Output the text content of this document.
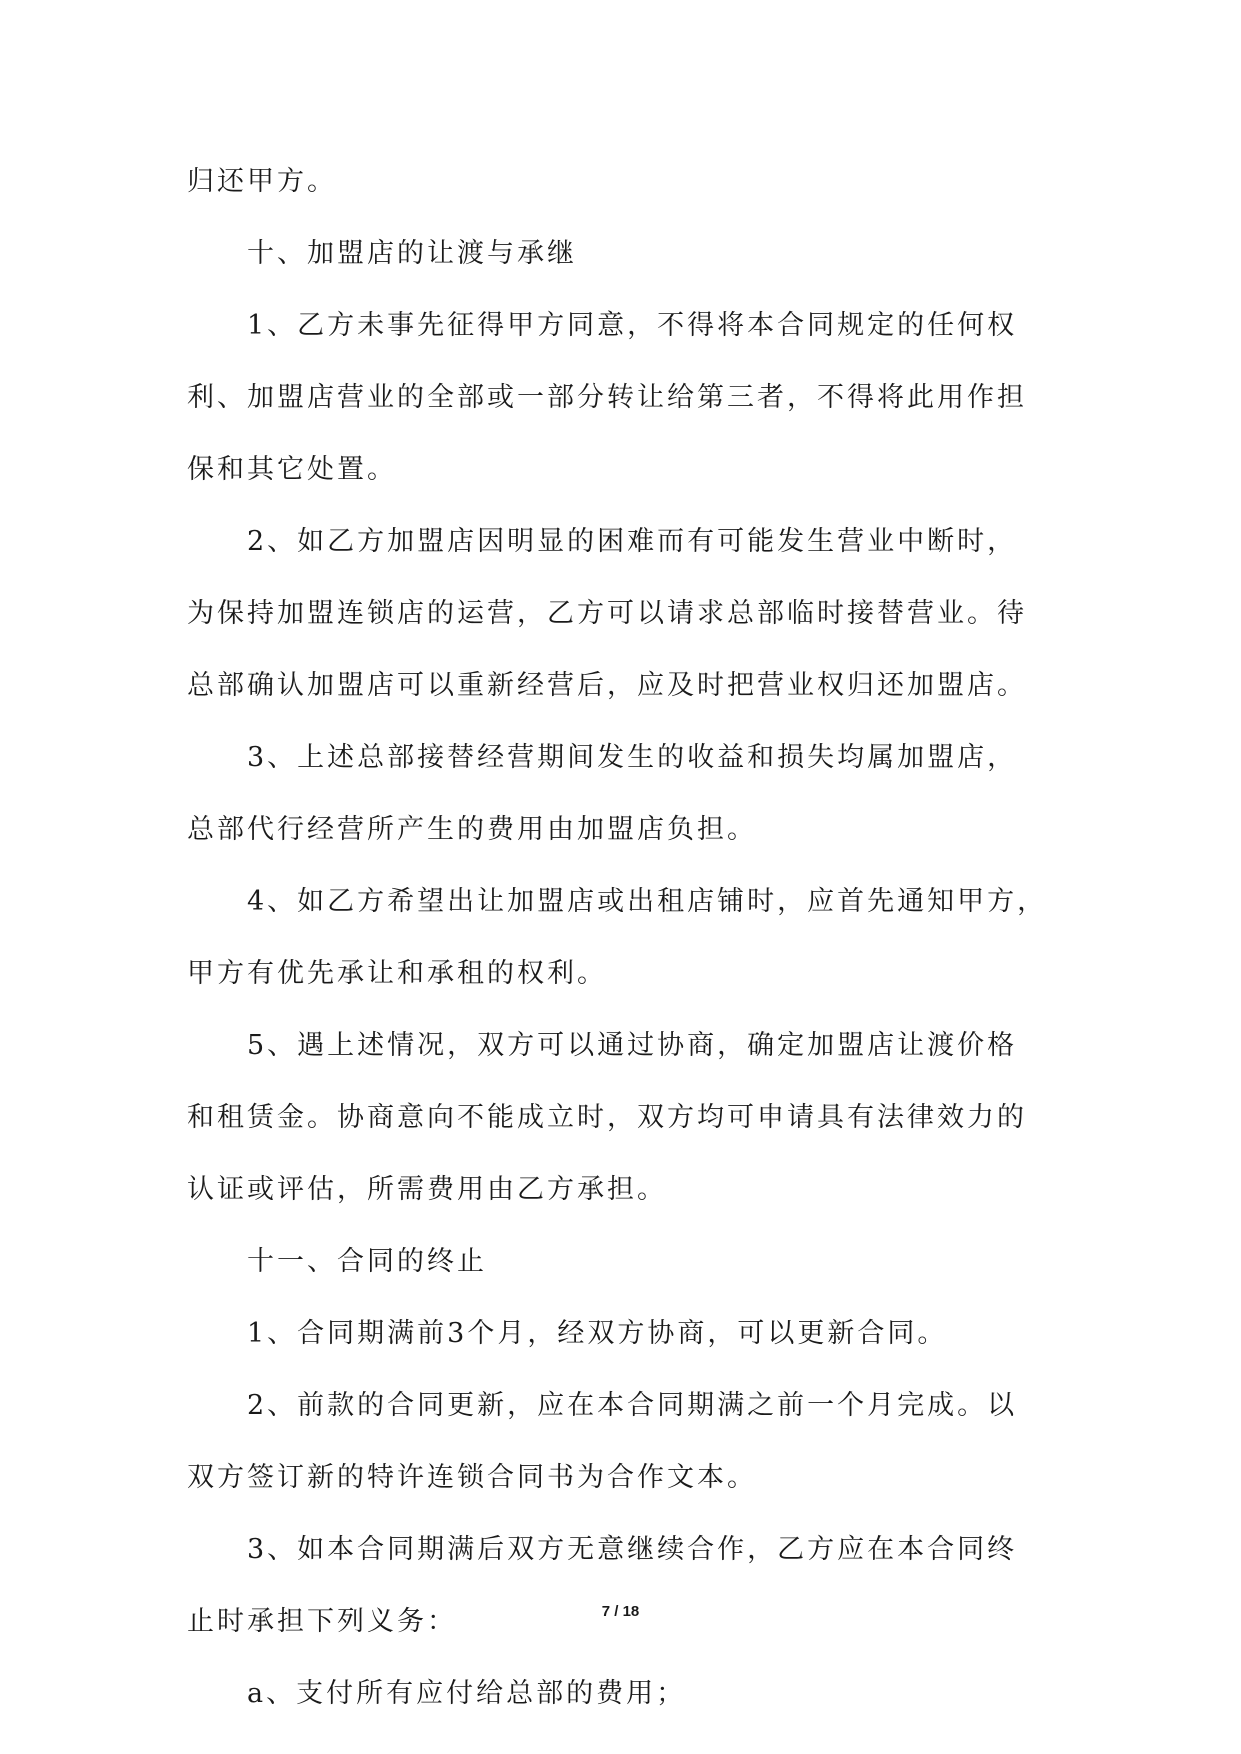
归还甲方。
十、加盟店的让渡与承继
1、乙方未事先征得甲方同意，不得将本合同规定的任何权
利、加盟店营业的全部或一部分转让给第三者，不得将此用作担
保和其它处置。
2、如乙方加盟店因明显的困难而有可能发生营业中断时，
为保持加盟连锁店的运营，乙方可以请求总部临时接替营业。待
总部确认加盟店可以重新经营后，应及时把营业权归还加盟店。
3、上述总部接替经营期间发生的收益和损失均属加盟店，
总部代行经营所产生的费用由加盟店负担。
4、如乙方希望出让加盟店或出租店铺时，应首先通知甲方，
甲方有优先承让和承租的权利。
5、遇上述情况，双方可以通过协商，确定加盟店让渡价格
和租赁金。协商意向不能成立时，双方均可申请具有法律效力的
认证或评估，所需费用由乙方承担。
十一、合同的终止
1、合同期满前3个月，经双方协商，可以更新合同。
2、前款的合同更新，应在本合同期满之前一个月完成。以
双方签订新的特许连锁合同书为合作文本。
3、如本合同期满后双方无意继续合作，乙方应在本合同终
止时承担下列义务：
a、支付所有应付给总部的费用；
7 / 18
